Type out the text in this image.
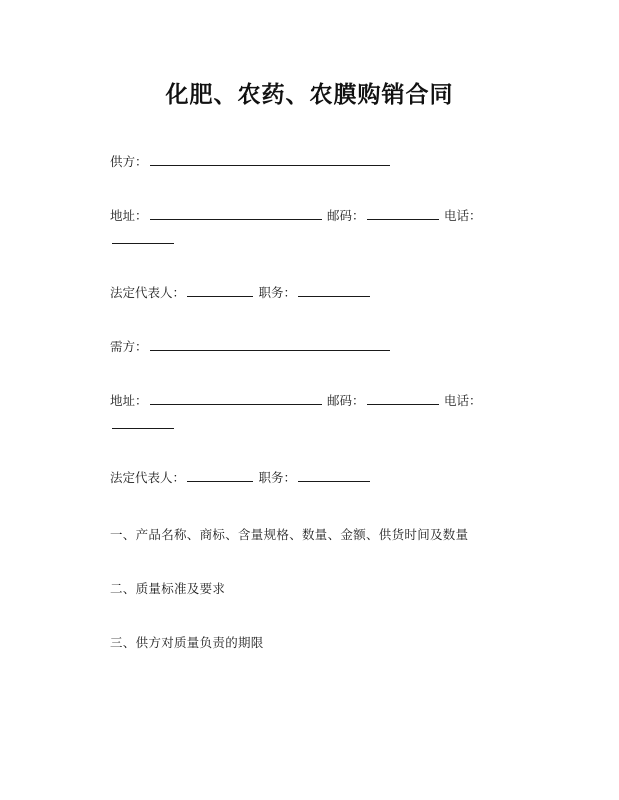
化肥、农药、农膜购销合同
供方：
地址：	邮码：	电话：
法定代表人：	职务：
需方：
地址：	邮码：	电话：
法定代表人：	职务：
一、产品名称、商标、含量规格、数量、金额、供货时间及数量
二、质量标准及要求
三、供方对质量负责的期限
